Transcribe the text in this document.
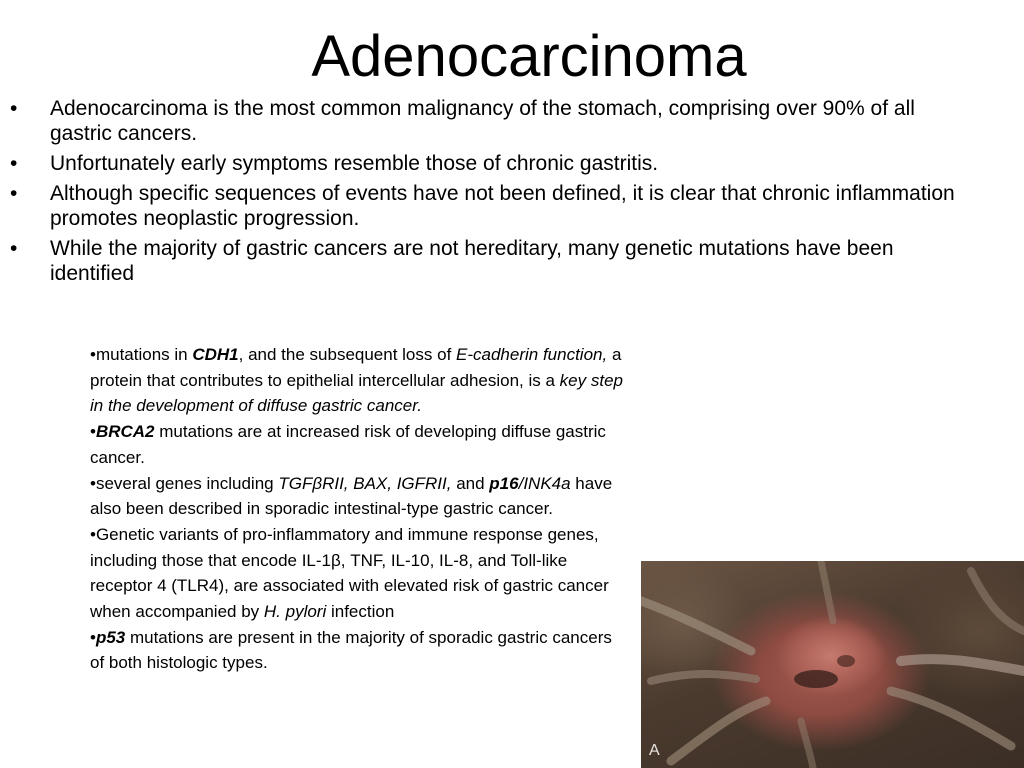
Adenocarcinoma
• Adenocarcinoma is the most common malignancy of the stomach, comprising over 90% of all gastric cancers.
• Unfortunately early symptoms resemble those of chronic gastritis.
• Although specific sequences of events have not been defined, it is clear that chronic inflammation promotes neoplastic progression.
• While the majority of gastric cancers are not hereditary, many genetic mutations have been identified

•mutations in CDH1, and the subsequent loss of E-cadherin function, a protein that contributes to epithelial intercellular adhesion, is a key step in the development of diffuse gastric cancer.

•BRCA2 mutations are at increased risk of developing diffuse gastric cancer.

•several genes including TGFβRII, BAX, IGFRII, and p16/INK4a have also been described in sporadic intestinal-type gastric cancer.

•Genetic variants of pro-inflammatory and immune response genes, including those that encode IL-1β, TNF, IL-10, IL-8, and Toll-like receptor 4 (TLR4), are associated with elevated risk of gastric cancer when accompanied by H. pylori infection

•p53 mutations are present in the majority of sporadic gastric cancers of both histologic types.

A
